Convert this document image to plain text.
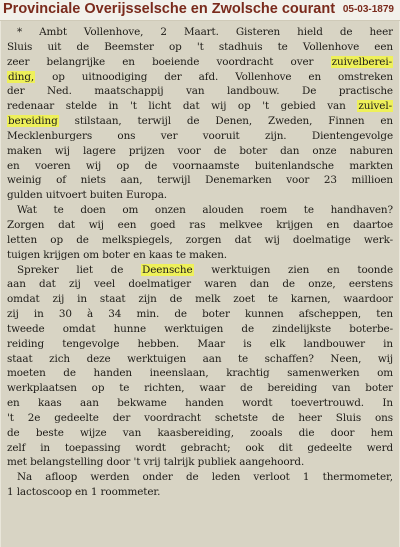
Provinciale Overijsselsche en Zwolsche courant 05-03-1879
* Ambt Vollenhove, 2 Maart. Gisteren hield de heer
Sluis uit de Beemster op 't stadhuis te Vollenhove een
zeer belangrijke en boeiende voordracht over zuivelberei-
ding, op uitnoodiging der afd. Vollenhove en omstreken
der Ned. maatschappij van landbouw. De practische
redenaar stelde in 't licht dat wij op 't gebied van zuivel-
bereiding stilstaan, terwijl de Denen, Zweden, Finnen en
Mecklenburgers ons ver vooruit zijn. Dientengevolge
maken wij lagere prijzen voor de boter dan onze naburen
en voeren wij op de voornaamste buitenlandsche markten
weinig of niets aan, terwijl Denemarken voor 23 millioen
gulden uitvoert buiten Europa.
Wat te doen om onzen alouden roem te handhaven?
Zorgen dat wij een goed ras melkvee krijgen en daartoe
letten op de melkspiegels, zorgen dat wij doelmatige werk-
tuigen krijgen om boter en kaas te maken.
Spreker liet de Deensche werktuigen zien en toonde
aan dat zij veel doelmatiger waren dan de onze, eerstens
omdat zij in staat zijn de melk zoet te karnen, waardoor
zij in 30 à 34 min. de boter kunnen afscheppen, ten
tweede omdat hunne werktuigen de zindelijkste boterbe-
reiding tengevolge hebben. Maar is elk landbouwer in
staat zich deze werktuigen aan te schaffen? Neen, wij
moeten de handen ineenslaan, krachtig samenwerken om
werkplaatsen op te richten, waar de bereiding van boter
en kaas aan bekwame handen wordt toevertrouwd. In
't 2e gedeelte der voordracht schetste de heer Sluis ons
de beste wijze van kaasbereiding, zooals die door hem
zelf in toepassing wordt gebracht; ook dit gedeelte werd
met belangstelling door 't vrij talrijk publiek aangehoord.
Na afloop werden onder de leden verloot 1 thermometer,
1 lactoscoop en 1 roommeter.
